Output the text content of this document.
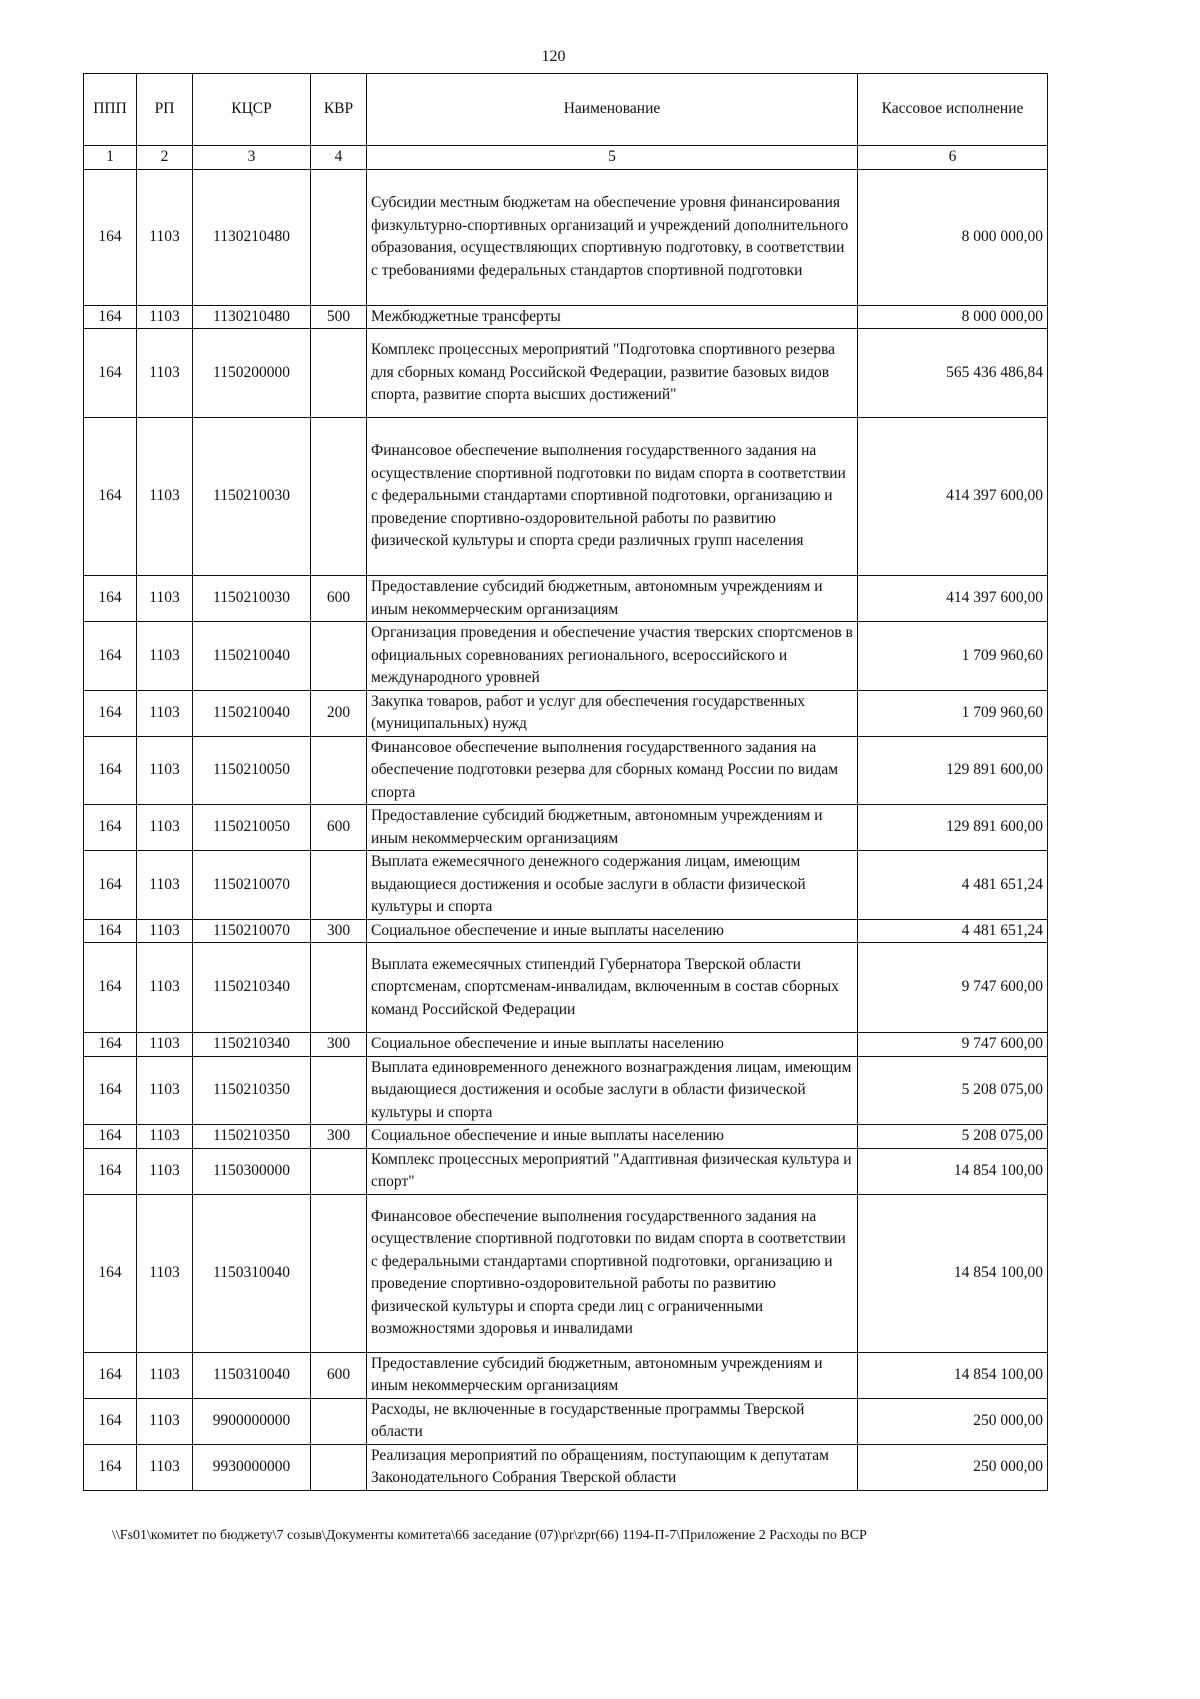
120
ППП	РП	КЦСР	КВР	Наименование	Кассовое исполнение
1	2	3	4	5	6
164	1103	1130210480		Субсидии местным бюджетам на обеспечение уровня финансирования физкультурно-спортивных организаций и учреждений дополнительного образования, осуществляющих спортивную подготовку, в соответствии с требованиями федеральных стандартов спортивной подготовки	8 000 000,00
164	1103	1130210480	500	Межбюджетные трансферты	8 000 000,00
164	1103	1150200000		Комплекс процессных мероприятий "Подготовка спортивного резерва для сборных команд Российской Федерации, развитие базовых видов спорта, развитие спорта высших достижений"	565 436 486,84
164	1103	1150210030		Финансовое обеспечение выполнения государственного задания на осуществление спортивной подготовки по видам спорта в соответствии с федеральными стандартами спортивной подготовки, организацию и проведение спортивно-оздоровительной работы по развитию физической культуры и спорта среди различных групп населения	414 397 600,00
164	1103	1150210030	600	Предоставление субсидий бюджетным, автономным учреждениям и иным некоммерческим организациям	414 397 600,00
164	1103	1150210040		Организация проведения и обеспечение участия тверских спортсменов в официальных соревнованиях регионального, всероссийского и международного уровней	1 709 960,60
164	1103	1150210040	200	Закупка товаров, работ и услуг для обеспечения государственных (муниципальных) нужд	1 709 960,60
164	1103	1150210050		Финансовое обеспечение выполнения государственного задания на обеспечение подготовки резерва для сборных команд России по видам спорта	129 891 600,00
164	1103	1150210050	600	Предоставление субсидий бюджетным, автономным учреждениям и иным некоммерческим организациям	129 891 600,00
164	1103	1150210070		Выплата ежемесячного денежного содержания лицам, имеющим выдающиеся достижения и особые заслуги в области физической культуры и спорта	4 481 651,24
164	1103	1150210070	300	Социальное обеспечение и иные выплаты населению	4 481 651,24
164	1103	1150210340		Выплата ежемесячных стипендий Губернатора Тверской области спортсменам, спортсменам-инвалидам, включенным в состав сборных команд Российской Федерации	9 747 600,00
164	1103	1150210340	300	Социальное обеспечение и иные выплаты населению	9 747 600,00
164	1103	1150210350		Выплата единовременного денежного вознаграждения лицам, имеющим выдающиеся достижения и особые заслуги в области физической культуры и спорта	5 208 075,00
164	1103	1150210350	300	Социальное обеспечение и иные выплаты населению	5 208 075,00
164	1103	1150300000		Комплекс процессных мероприятий "Адаптивная физическая культура и спорт"	14 854 100,00
164	1103	1150310040		Финансовое обеспечение выполнения государственного задания на осуществление спортивной подготовки по видам спорта в соответствии с федеральными стандартами спортивной подготовки, организацию и проведение спортивно-оздоровительной работы по развитию физической культуры и спорта среди лиц с ограниченными возможностями здоровья и инвалидами	14 854 100,00
164	1103	1150310040	600	Предоставление субсидий бюджетным, автономным учреждениям и иным некоммерческим организациям	14 854 100,00
164	1103	9900000000		Расходы, не включенные в государственные программы Тверской области	250 000,00
164	1103	9930000000		Реализация мероприятий по обращениям, поступающим к депутатам Законодательного Собрания Тверской области	250 000,00
\\Fs01\комитет по бюджету\7 созыв\Документы комитета\66 заседание (07)\pr\zpr(66) 1194-П-7\Приложение 2 Расходы по ВСР
